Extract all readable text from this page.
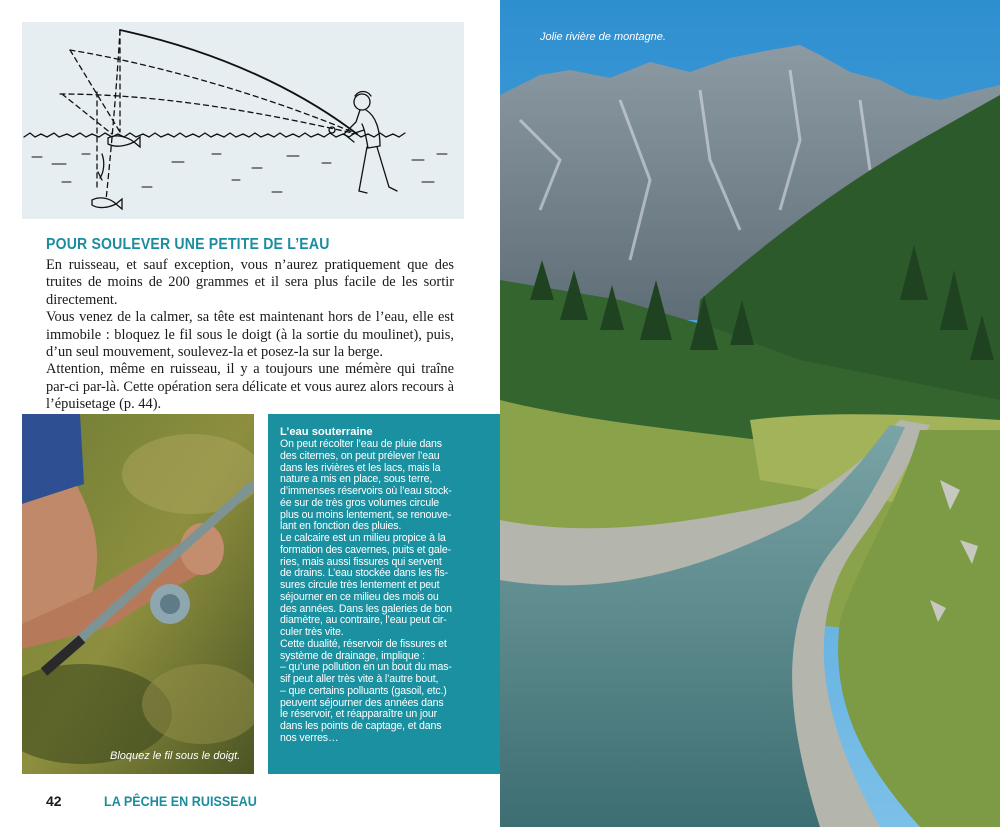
POUR SOULEVER UNE PETITE DE L’EAU

En ruisseau, et sauf exception, vous n’aurez pratiquement que des truites de moins de 200 grammes et il sera plus facile de les sortir directement.

Vous venez de la calmer, sa tête est maintenant hors de l’eau, elle est immobile : bloquez le fil sous le doigt (à la sortie du moulinet), puis, d’un seul mouvement, soulevez-la et posez-la sur la berge.

Attention, même en ruisseau, il y a toujours une mémère qui traîne par-ci par-là. Cette opération sera délicate et vous aurez alors recours à l’épuisetage (p. 44).

Bloquez le fil sous le doigt.
L’eau souterraine

On peut récolter l’eau de pluie dans

des citernes, on peut prélever l’eau

dans les rivières et les lacs, mais la

nature a mis en place, sous terre,

d’immenses réservoirs où l’eau stock-

ée sur de très gros volumes circule

plus ou moins lentement, se renouve-

lant en fonction des pluies.

Le calcaire est un milieu propice à la

formation des cavernes, puits et gale-

ries, mais aussi fissures qui servent

de drains. L’eau stockée dans les fis-

sures circule très lentement et peut

séjourner en ce milieu des mois ou

des années. Dans les galeries de bon

diamètre, au contraire, l’eau peut cir-

culer très vite.

Cette dualité, réservoir de fissures et

système de drainage, implique :

– qu’une pollution en un bout du mas-

sif peut aller très vite à l’autre bout,

– que certains polluants (gasoil, etc.)

peuvent séjourner des années dans

le réservoir, et réapparaître un jour

dans les points de captage, et dans

nos verres…

42	LA PÊCHE EN RUISSEAU
Jolie rivière de montagne.
